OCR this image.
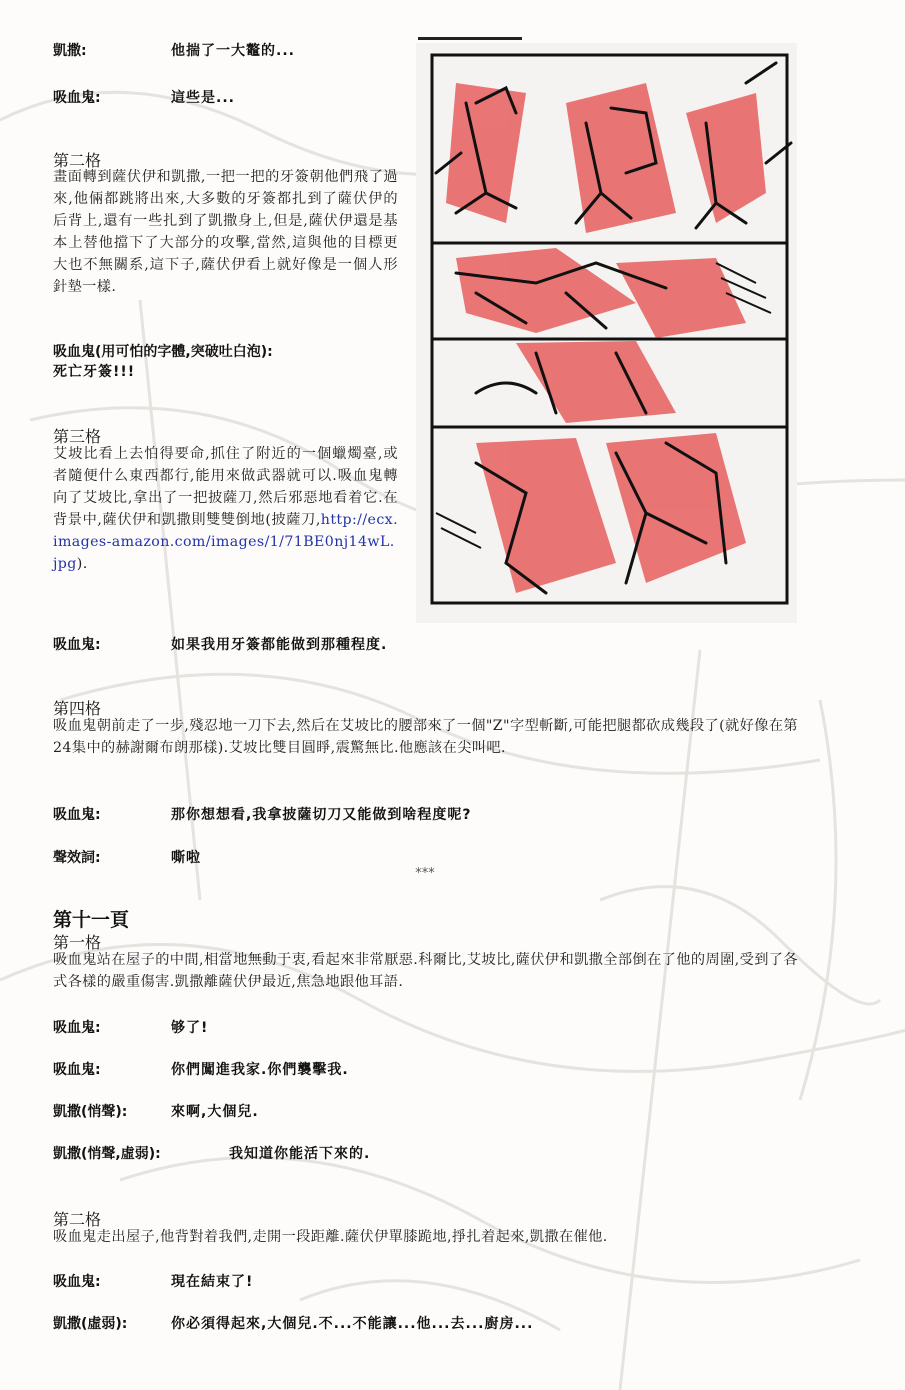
凱撒:	他揣了一大鼇的...
吸血鬼:	這些是...
第二格
畫面轉到薩伏伊和凱撒,一把一把的牙簽朝他們飛了過來,他倆都跳將出來,大多數的牙簽都扎到了薩伏伊的后背上,還有一些扎到了凱撒身上,但是,薩伏伊還是基本上替他擋下了大部分的攻擊,當然,這與他的目標更大也不無關系,這下子,薩伏伊看上就好像是一個人形針墊一樣.
吸血鬼(用可怕的字體,突破吐白泡):
死亡牙簽!!!
第三格
艾坡比看上去怕得要命,抓住了附近的一個蠟燭臺,或者隨便什么東西都行,能用來做武器就可以.吸血鬼轉向了艾坡比,拿出了一把披薩刀,然后邪惡地看着它.在背景中,薩伏伊和凱撒則雙雙倒地(披薩刀,http://ecx.images-amazon.com/images/1/71BE0nj14wL.jpg).
吸血鬼:	如果我用牙簽都能做到那種程度.
第四格
吸血鬼朝前走了一步,殘忍地一刀下去,然后在艾坡比的腰部來了一個"Z"字型斬斷,可能把腿都砍成幾段了(就好像在第24集中的赫謝爾布朗那樣).艾坡比雙目圓睜,震驚無比.他應該在尖叫吧.
吸血鬼:	那你想想看,我拿披薩切刀又能做到啥程度呢?
聲效詞:	嘶啦
***
第十一頁
第一格
吸血鬼站在屋子的中間,相當地無動于衷,看起來非常厭惡.科爾比,艾坡比,薩伏伊和凱撒全部倒在了他的周圍,受到了各式各樣的嚴重傷害.凱撒離薩伏伊最近,焦急地跟他耳語.
吸血鬼:	够了!
吸血鬼:	你們闖進我家.你們襲擊我.
凱撒(悄聲):	來啊,大個兒.
凱撒(悄聲,虛弱):	我知道你能活下來的.
第二格
吸血鬼走出屋子,他背對着我們,走開一段距離.薩伏伊單膝跪地,掙扎着起來,凱撒在催他.
吸血鬼:	現在結束了!
凱撒(虛弱):	你必須得起來,大個兒.不...不能讓...他...去...廚房...
